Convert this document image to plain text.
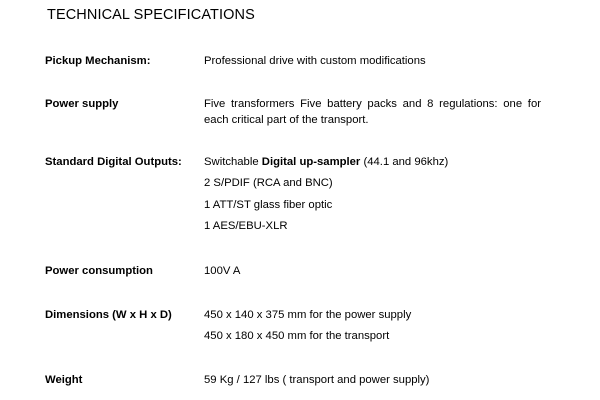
TECHNICAL SPECIFICATIONS
Pickup Mechanism:	Professional drive with custom modifications
Power supply	Five transformers Five battery packs and 8 regulations: one for each critical part of the transport.
Standard Digital Outputs: Switchable Digital up-sampler (44.1 and 96khz)
2 S/PDIF (RCA and BNC)
1 ATT/ST glass fiber optic
1 AES/EBU-XLR
Power consumption	100V A
Dimensions (W x H x D)	450 x 140 x 375 mm for the power supply
450 x 180 x 450 mm for the transport
Weight	59 Kg / 127 lbs ( transport and power supply)
